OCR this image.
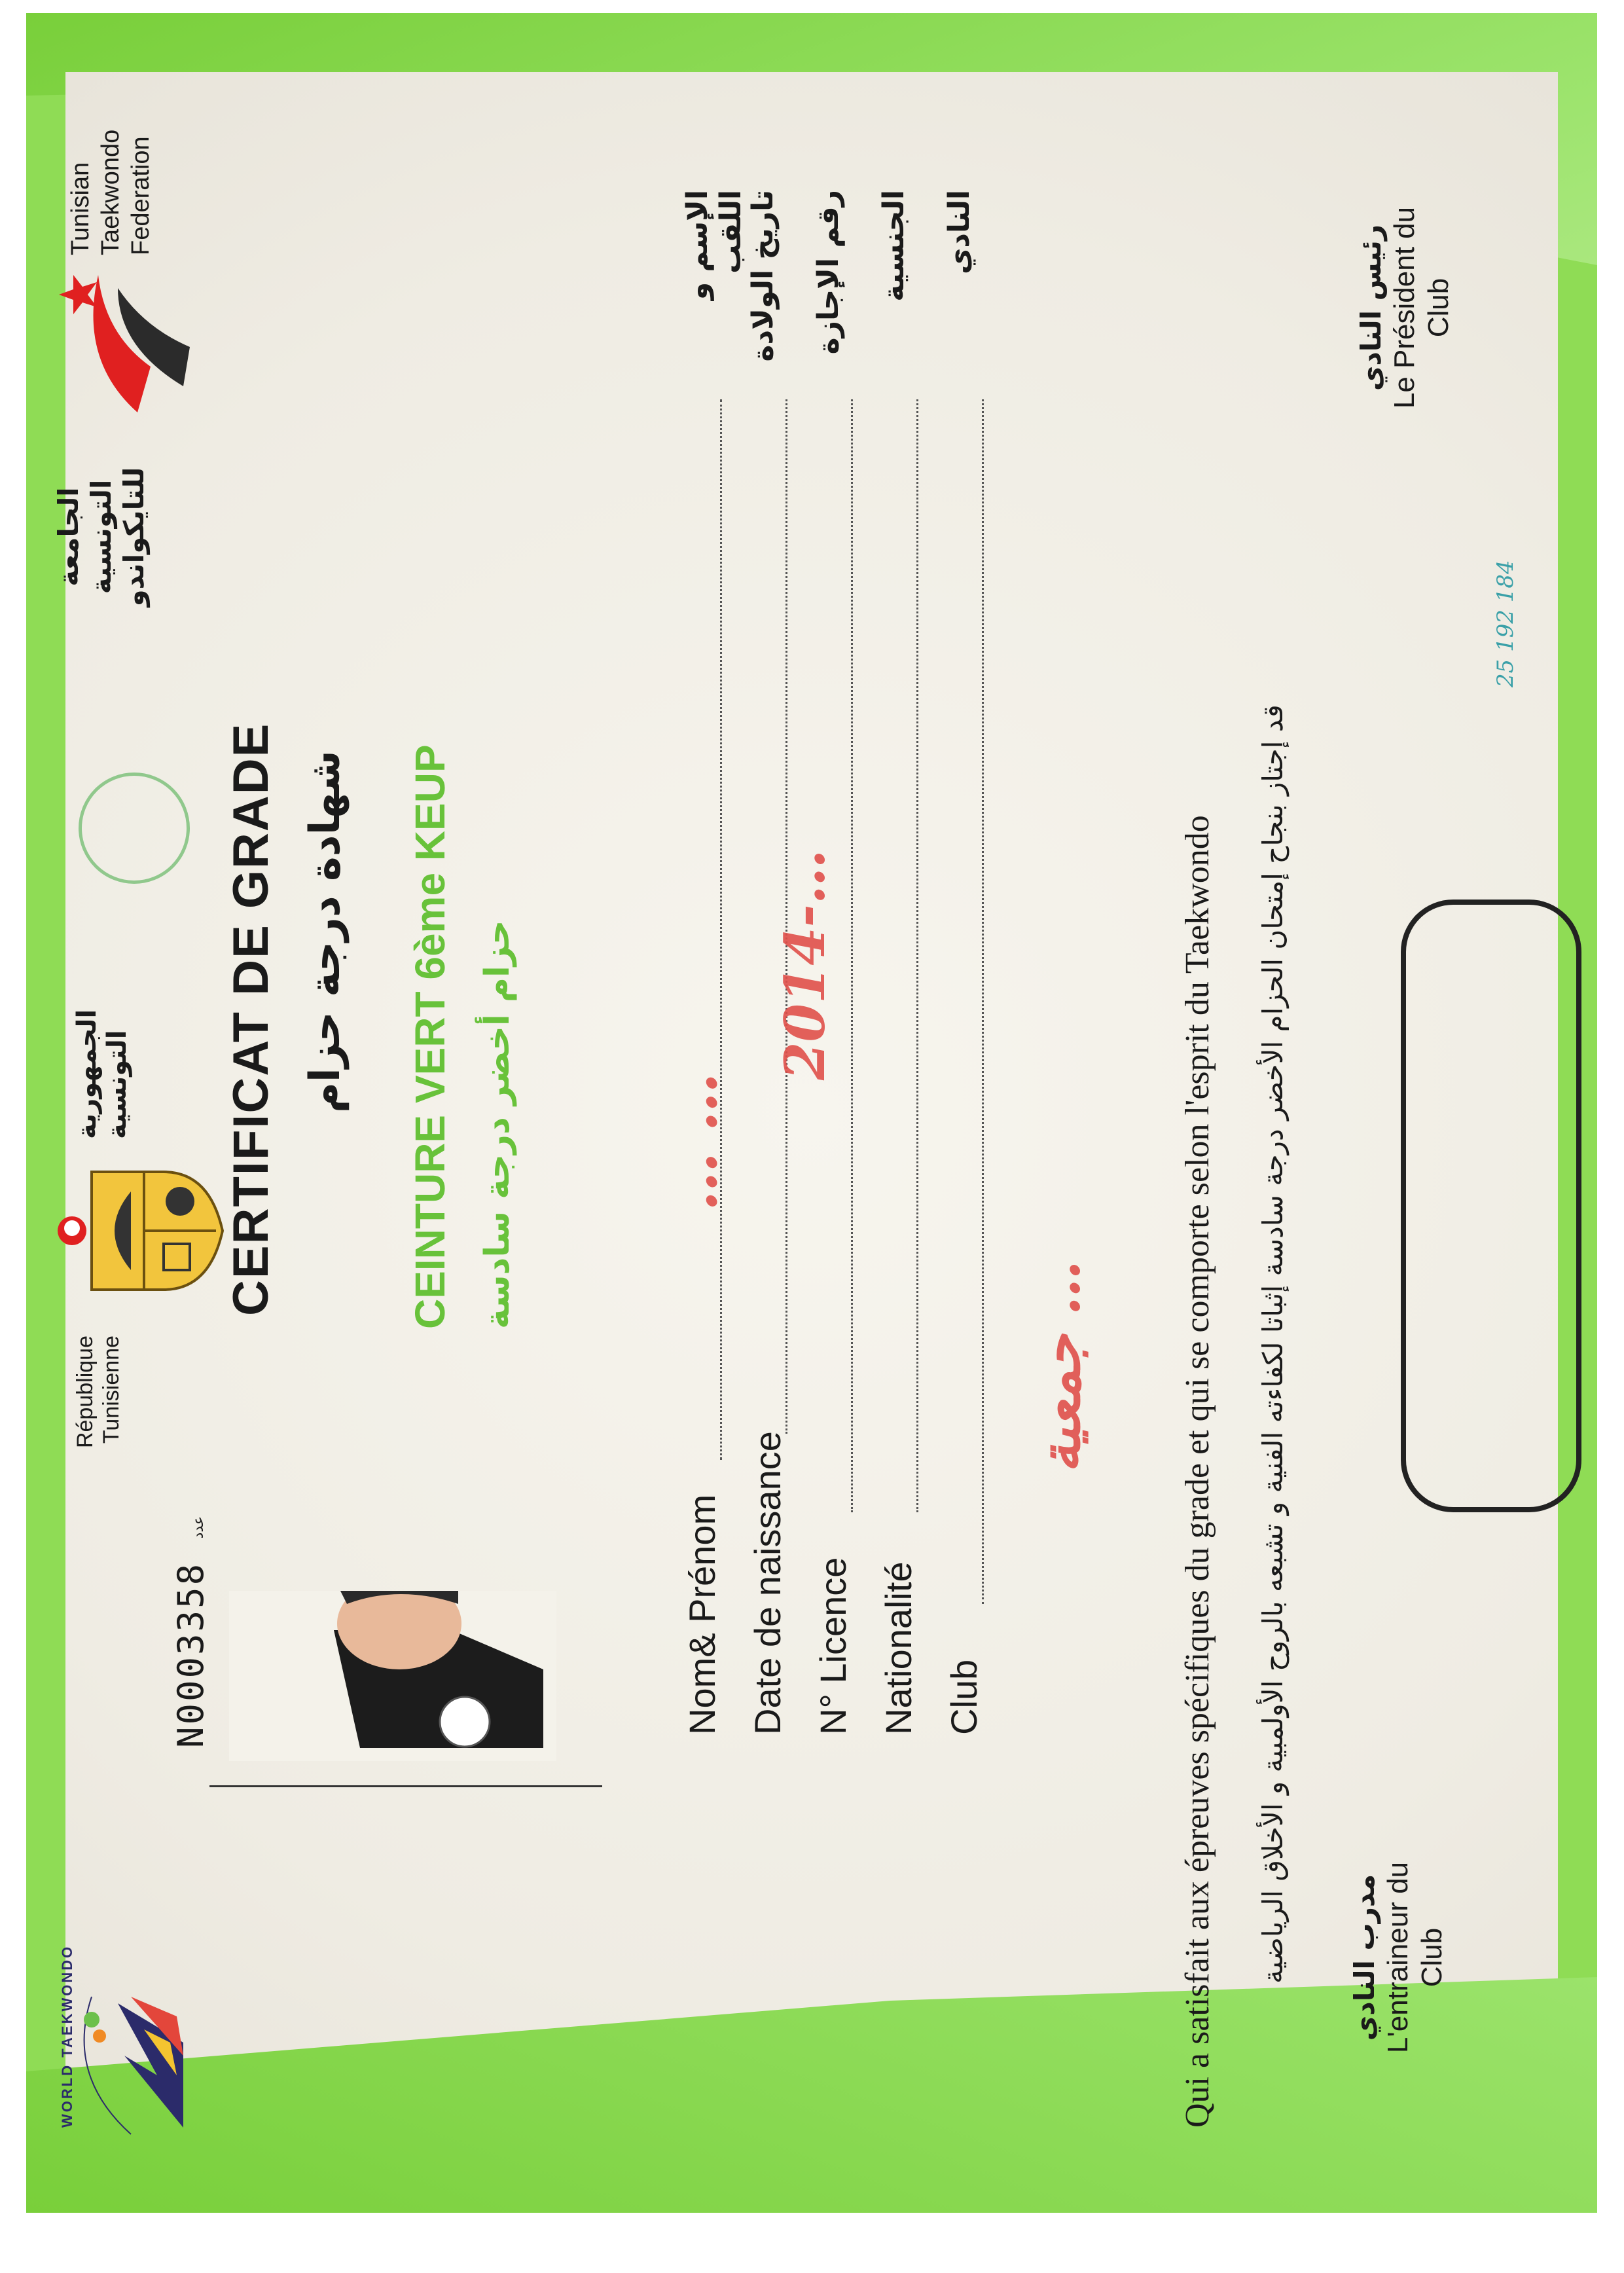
WORLD TAEKWONDO
République Tunisienne
الجمهورية التونسية
الجامعة التونسية للتايكواندو
Tunisian Taekwondo Federation
N0003358 عدد
CERTIFICAT DE GRADE شهادة درجة حزام CEINTURE VERT 6ème KEUP حزام أخضر درجة سادسة
Nom& Prénom
الإسم و اللقب
Date de naissance
تاريخ الولادة
N° Licence
رقم الإجازة
Nationalité
الجنسية
Club
النادي
… …
2014-…
جمعية …	Qui a satisfait aux épreuves spécifiques du grade et qui se comporte selon l'esprit du Taekwondo قد إجتاز بنجاح إمتحان الحزام الأخضر درجة سادسة إثباتا لكفاءته الفنية و تشبعه بالروح الأولمبية و الأخلاق الرياضية مدرب النادي L'entraineur du Club
رئيس النادي Le Président du Club
25 192 184
